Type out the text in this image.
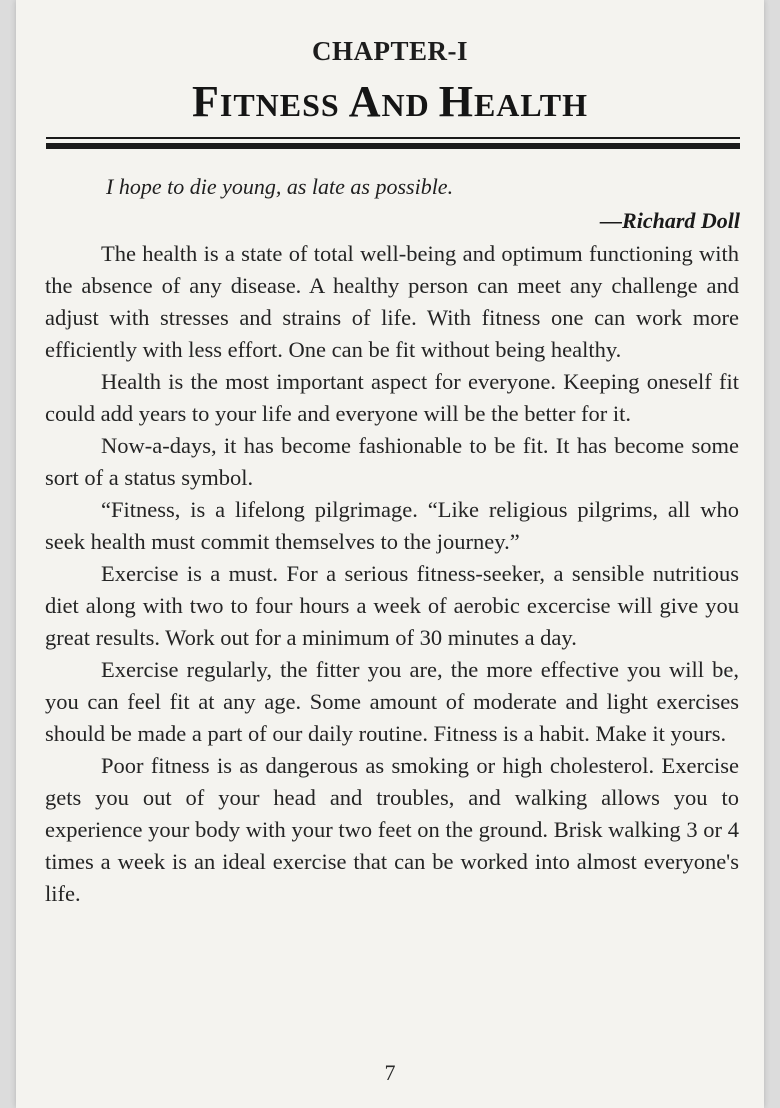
CHAPTER-I
FITNESS AND HEALTH
I hope to die young, as late as possible.
—Richard Doll

The health is a state of total well-being and optimum functioning with the absence of any disease. A healthy person can meet any challenge and adjust with stresses and strains of life. With fitness one can work more efficiently with less effort. One can be fit without being healthy.

Health is the most important aspect for everyone. Keeping oneself fit could add years to your life and everyone will be the better for it.

Now-a-days, it has become fashionable to be fit. It has become some sort of a status symbol.

“Fitness, is a lifelong pilgrimage. “Like religious pilgrims, all who seek health must commit themselves to the journey.”

Exercise is a must. For a serious fitness-seeker, a sensible nutritious diet along with two to four hours a week of aerobic excercise will give you great results. Work out for a minimum of 30 minutes a day.

Exercise regularly, the fitter you are, the more effective you will be, you can feel fit at any age. Some amount of moderate and light exercises should be made a part of our daily routine. Fitness is a habit. Make it yours.

Poor fitness is as dangerous as smoking or high cholesterol. Exercise gets you out of your head and troubles, and walking allows you to experience your body with your two feet on the ground. Brisk walking 3 or 4 times a week is an ideal exercise that can be worked into almost everyone's life.

7
